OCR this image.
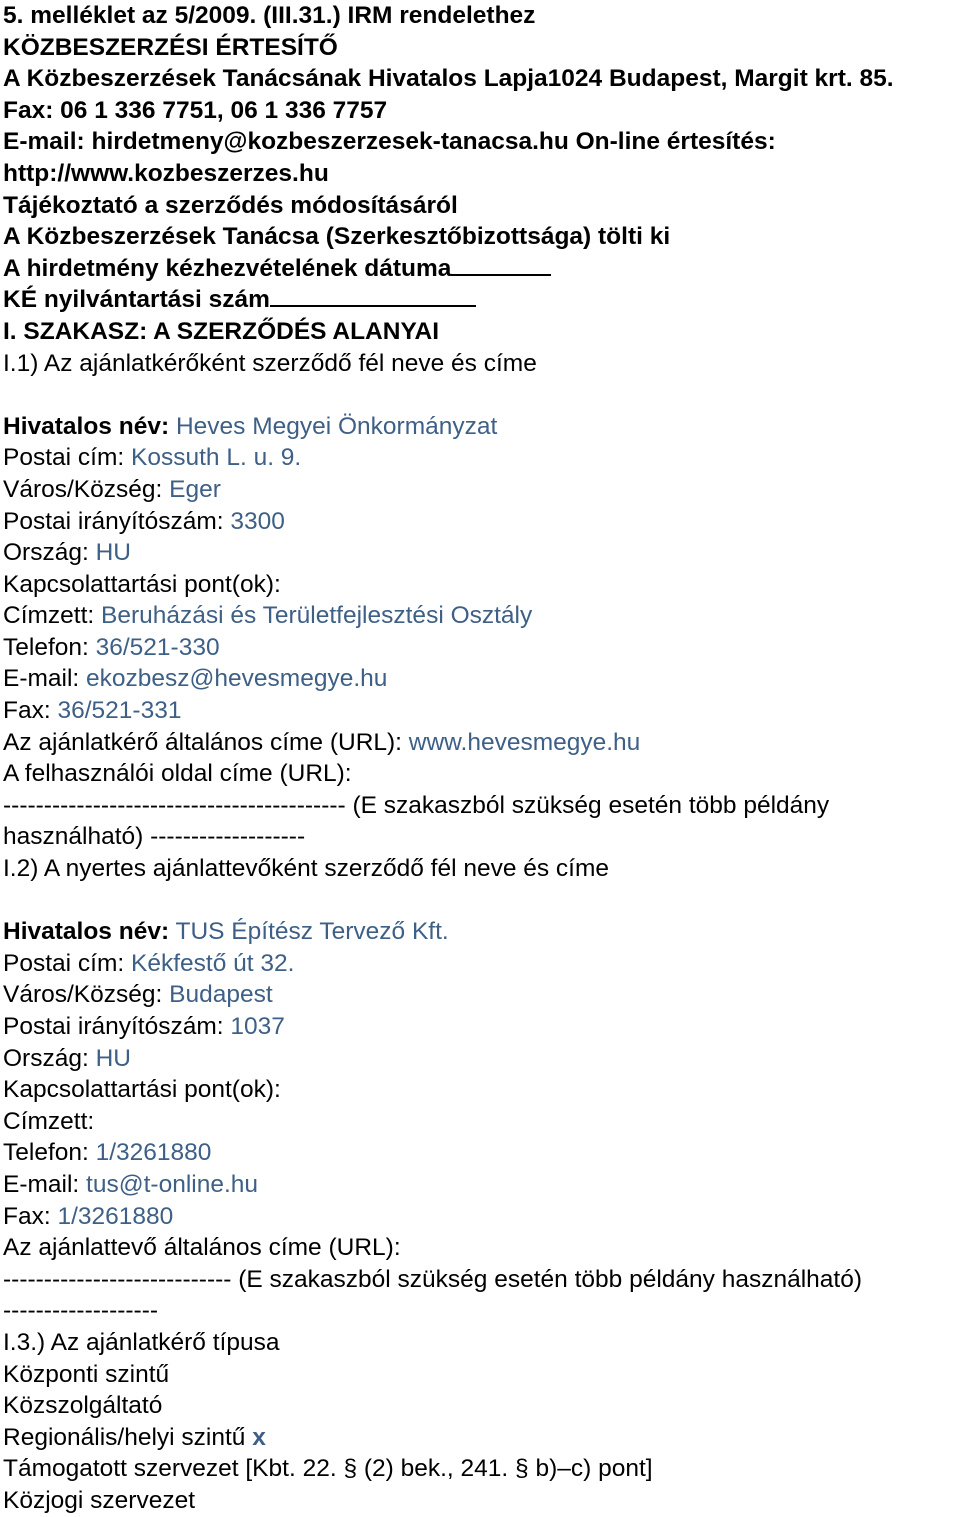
5. melléklet az 5/2009. (III.31.) IRM rendelethez
KÖZBESZERZÉSI ÉRTESÍTŐ
A Közbeszerzések Tanácsának Hivatalos Lapja1024 Budapest, Margit krt. 85.
Fax: 06 1 336 7751, 06 1 336 7757
E-mail: hirdetmeny@kozbeszerzesek-tanacsa.hu On-line értesítés:
http://www.kozbeszerzes.hu
Tájékoztató a szerződés módosításáról
A Közbeszerzések Tanácsa (Szerkesztőbizottsága) tölti ki
A hirdetmény kézhezvételének dátuma
KÉ nyilvántartási szám
I. SZAKASZ: A SZERZŐDÉS ALANYAI
I.1) Az ajánlatkérőként szerződő fél neve és címe
Hivatalos név: Heves Megyei Önkormányzat
Postai cím: Kossuth L. u. 9.
Város/Község: Eger
Postai irányítószám: 3300
Ország: HU
Kapcsolattartási pont(ok):
Címzett: Beruházási és Területfejlesztési Osztály
Telefon: 36/521-330
E-mail: ekozbesz@hevesmegye.hu
Fax: 36/521-331
Az ajánlatkérő általános címe (URL): www.hevesmegye.hu
A felhasználói oldal címe (URL):
------------------------------------------ (E szakaszból szükség esetén több példány
használható) -------------------
I.2) A nyertes ajánlattevőként szerződő fél neve és címe
Hivatalos név: TUS Építész Tervező Kft.
Postai cím: Kékfestő út 32.
Város/Község: Budapest
Postai irányítószám: 1037
Ország: HU
Kapcsolattartási pont(ok):
Címzett:
Telefon: 1/3261880
E-mail: tus@t-online.hu
Fax: 1/3261880
Az ajánlattevő általános címe (URL):
---------------------------- (E szakaszból szükség esetén több példány használható)
-------------------
I.3.) Az ajánlatkérő típusa
Központi szintű
Közszolgáltató
Regionális/helyi szintű x
Támogatott szervezet [Kbt. 22. § (2) bek., 241. § b)–c) pont]
Közjogi szervezet
